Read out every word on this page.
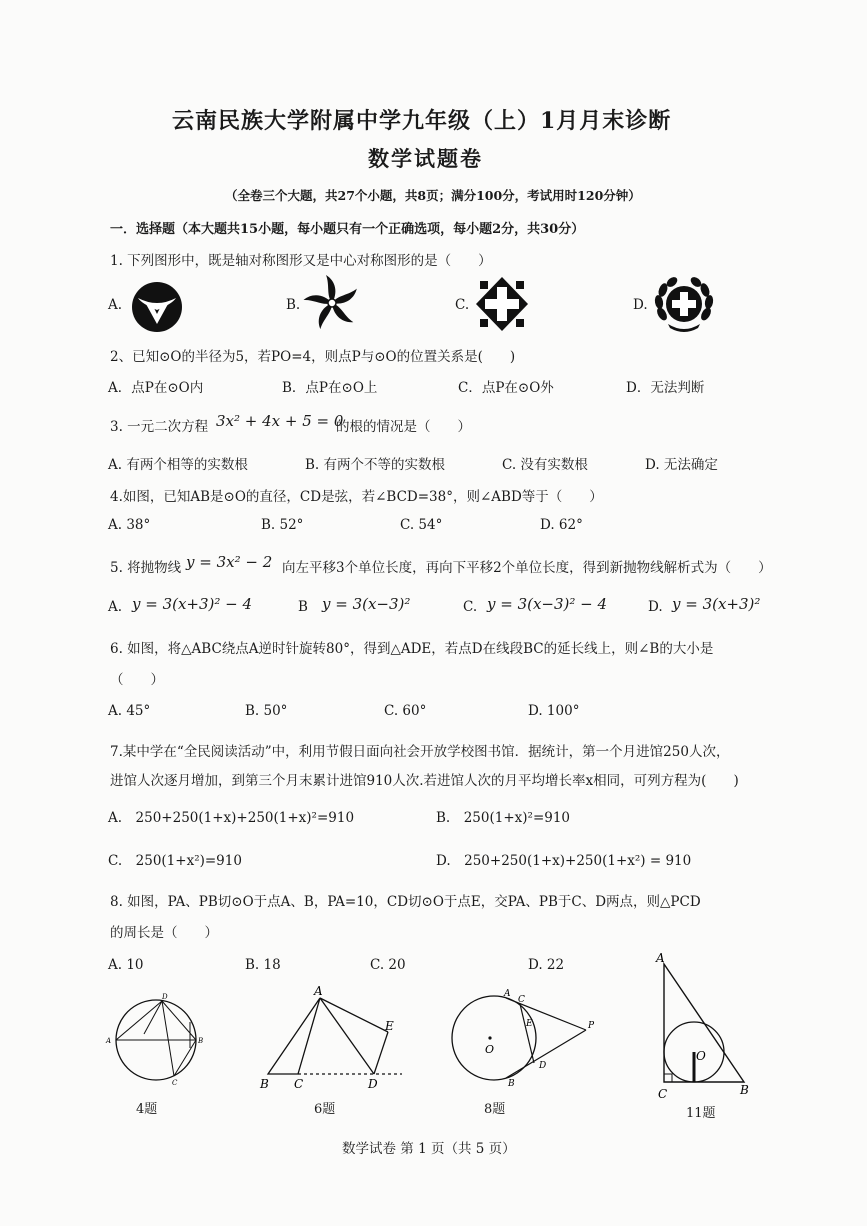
云南民族大学附属中学九年级（上）1月月末诊断
数学试题卷
（全卷三个大题，共27个小题，共8页；满分100分，考试用时120分钟）
一．选择题（本大题共15小题，每小题只有一个正确选项，每小题2分，共30分）
1. 下列图形中，既是轴对称图形又是中心对称图形的是（　　）
A.	B.	C.	D.
2、已知⊙O的半径为5，若PO=4，则点P与⊙O的位置关系是(　　)
A．点P在⊙O内	B．点P在⊙O上	C．点P在⊙O外	D．无法判断
3. 一元二次方程 3x² + 4x + 5 = 0
的根的情况是（　　）
A. 有两个相等的实数根	B. 有两个不等的实数根	C. 没有实数根	D. 无法确定
4.如图，已知AB是⊙O的直径，CD是弦，若∠BCD=38°，则∠ABD等于（　　）
A. 38°	B. 52°	C. 54°	D. 62°
5. 将抛物线 y = 3x² − 2 向左平移3个单位长度，再向下平移2个单位长度，得到新抛物线解析式为（　　）
A. y = 3(x+3)² − 4	B y = 3(x−3)²	C. y = 3(x−3)² − 4	D. y = 3(x+3)²
6. 如图，将△ABC绕点A逆时针旋转80°，得到△ADE，若点D在线段BC的延长线上，则∠B的大小是
（　　）
A. 45°	B. 50°	C. 60°	D. 100°
7.某中学在“全民阅读活动”中，利用节假日面向社会开放学校图书馆．据统计，第一个月进馆250人次，
进馆人次逐月增加，到第三个月末累计进馆910人次.若进馆人次的月平均增长率x相同，可列方程为(　　)
A.　250+250(1+x)+250(1+x)²=910	B.　250(1+x)²=910
C.　250(1+x²)=910	D.　250+250(1+x)+250(1+x²) = 910
8. 如图，PA、PB切⊙O于点A、B，PA=10，CD切⊙O于点E，交PA、PB于C、D两点，则△PCD
的周长是（　　）
A. 10	B. 18	C. 20	D. 22
A	B
D
C
4题
A
B C	D
E
6题
O
A
C
E
D
P
B
8题
O
A
C	B
11题
数学试卷 第 1 页（共 5 页）
